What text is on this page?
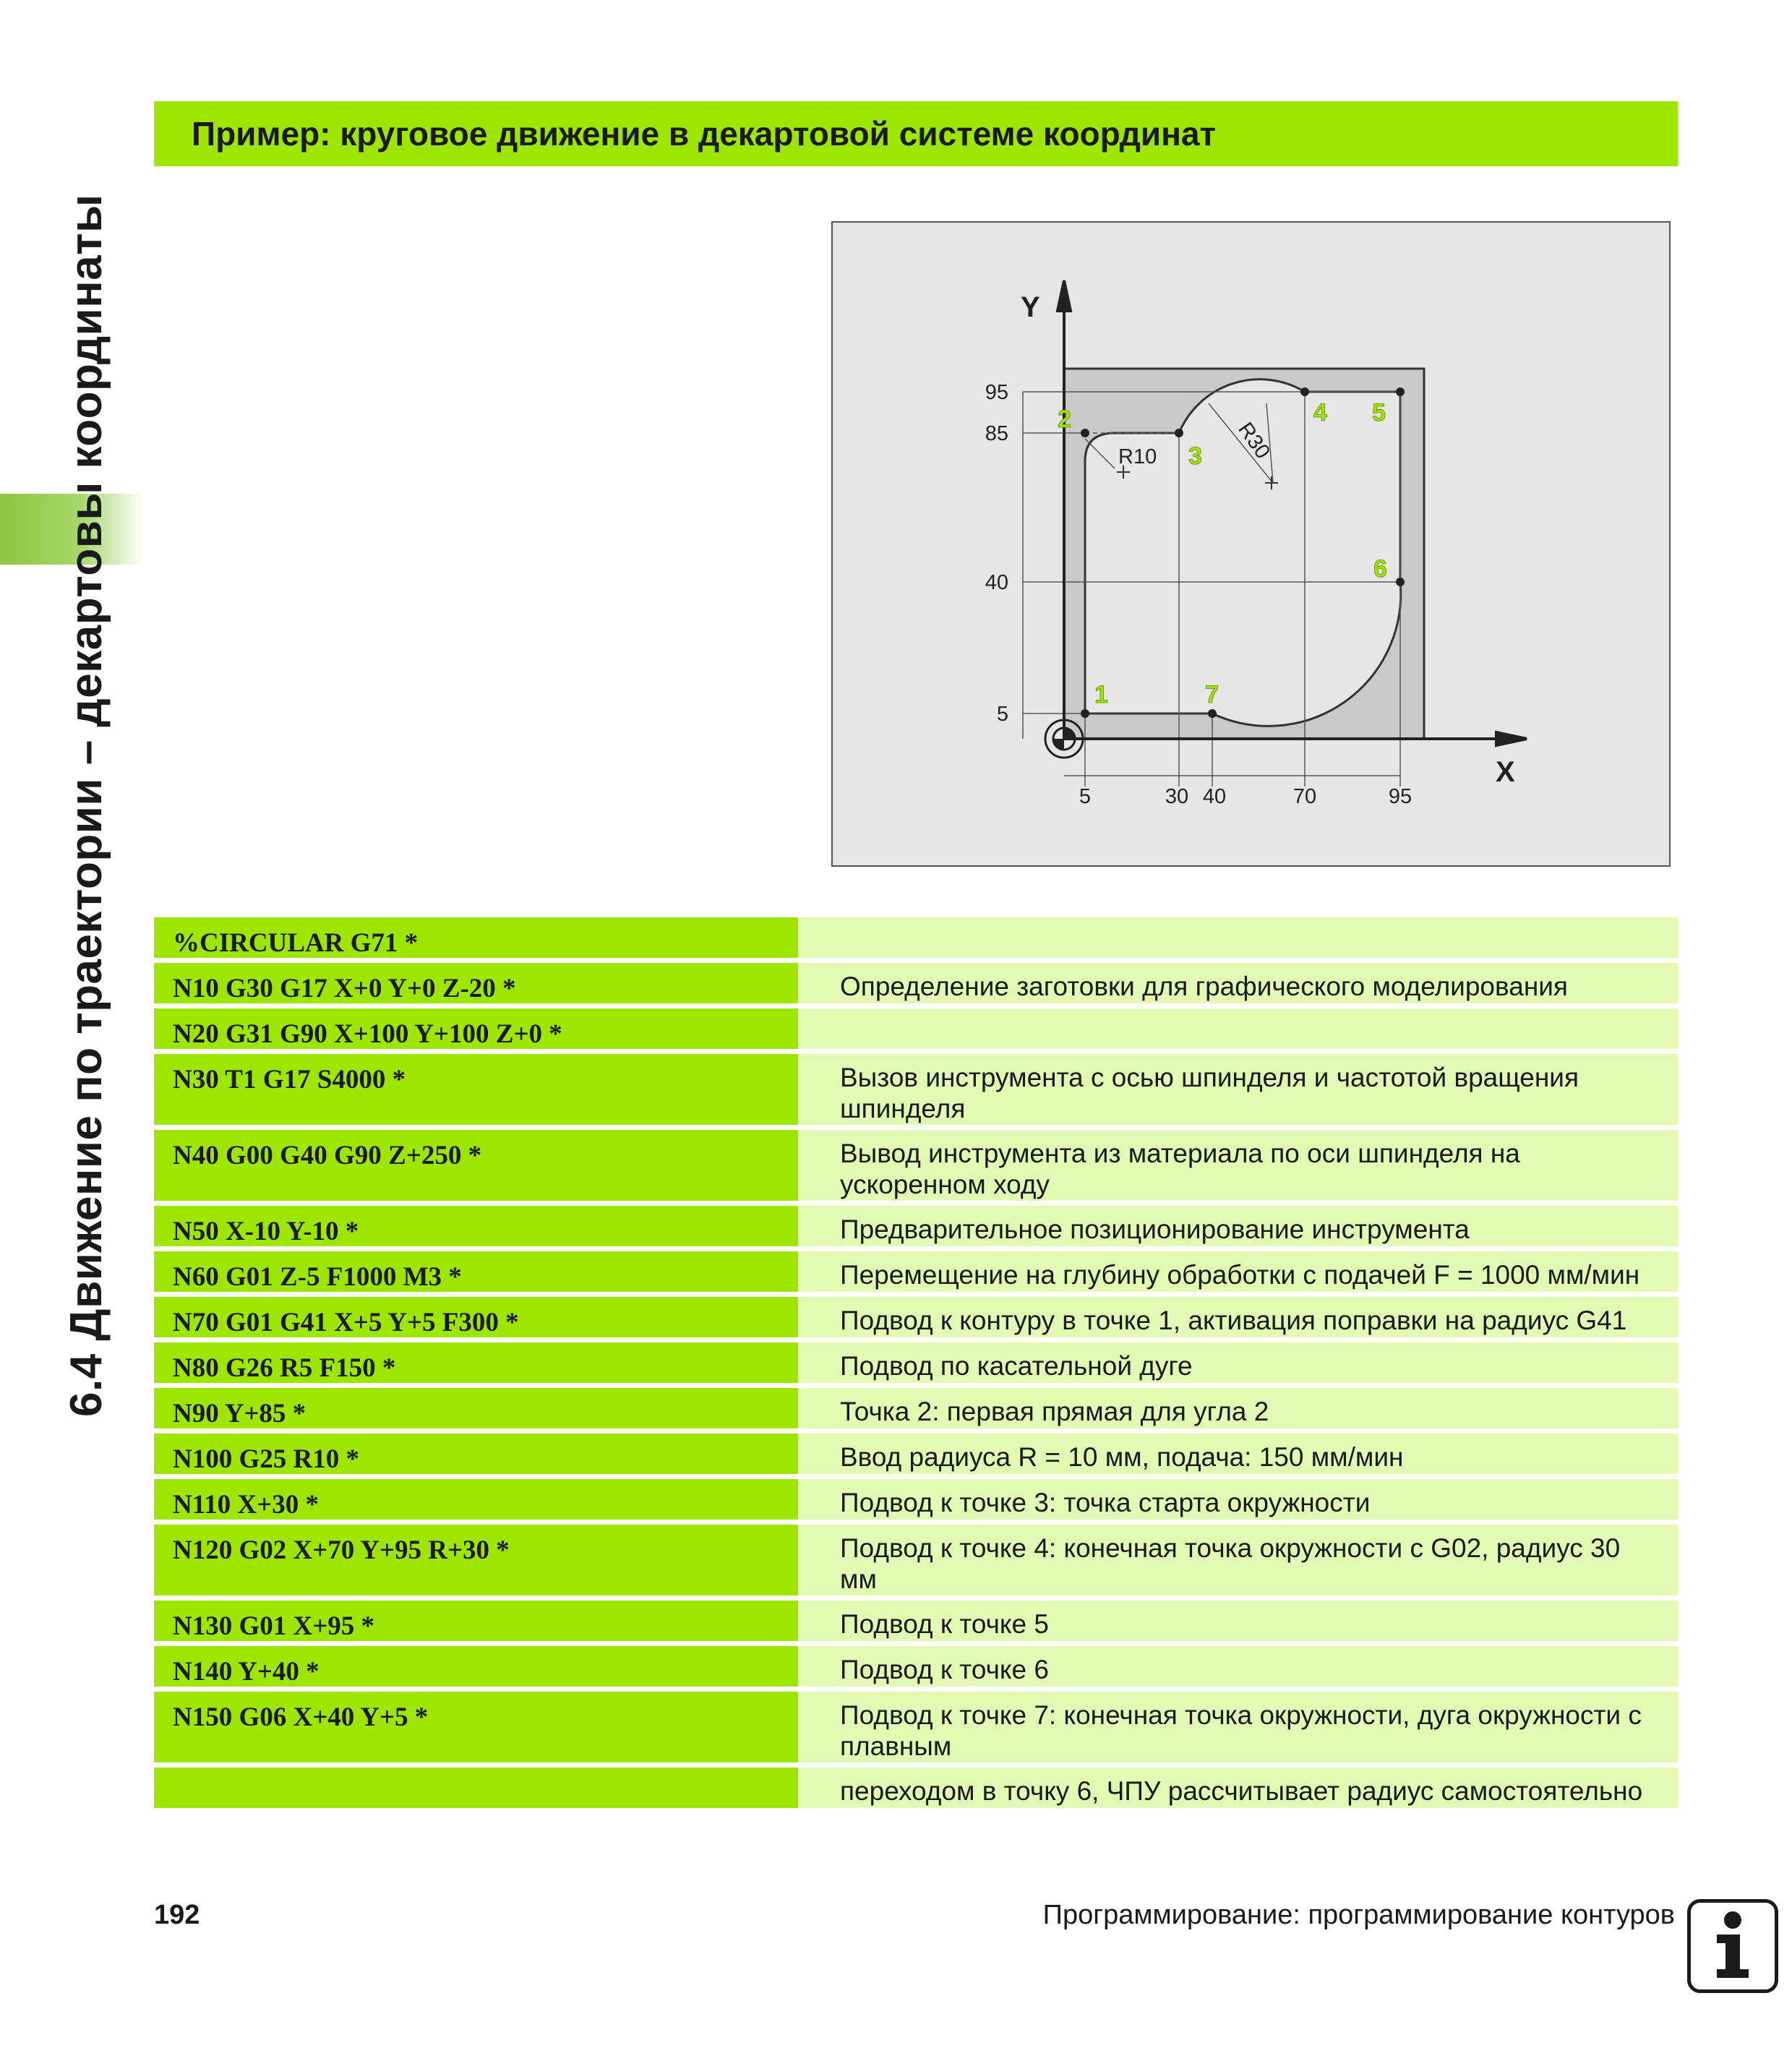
6.4 Движение по траектории – декартовы координаты
Пример: круговое движение в декартовой системе координат
Y
X
95
85
40
5
5	30 40	70	95
R10	R30
1
2
3
4 5
6
7
%CIRCULAR G71 *
N10 G30 G17 X+0 Y+0 Z-20 *	Определение заготовки для графического моделирования
N20 G31 G90 X+100 Y+100 Z+0 *
N30 T1 G17 S4000 *	Вызов инструмента с осью шпинделя и частотой вращения шпинделя
N40 G00 G40 G90 Z+250 *	Вывод инструмента из материала по оси шпинделя на ускоренном ходу
N50 X-10 Y-10 *	Предварительное позиционирование инструмента
N60 G01 Z-5 F1000 M3 *	Перемещение на глубину обработки с подачей F = 1000 мм/мин
N70 G01 G41 X+5 Y+5 F300 *	Подвод к контуру в точке 1, активация поправки на радиус G41
N80 G26 R5 F150 *	Подвод по касательной дуге
N90 Y+85 *	Точка 2: первая прямая для угла 2
N100 G25 R10 *	Ввод радиуса R = 10 мм, подача: 150 мм/мин
N110 X+30 *	Подвод к точке 3: точка старта окружности
N120 G02 X+70 Y+95 R+30 *	Подвод к точке 4: конечная точка окружности с G02, радиус 30 мм
N130 G01 X+95 *	Подвод к точке 5
N140 Y+40 *	Подвод к точке 6
N150 G06 X+40 Y+5 *	Подвод к точке 7: конечная точка окружности, дуга окружности с плавным
переходом в точку 6, ЧПУ рассчитывает радиус самостоятельно
192	Программирование: программирование контуров
